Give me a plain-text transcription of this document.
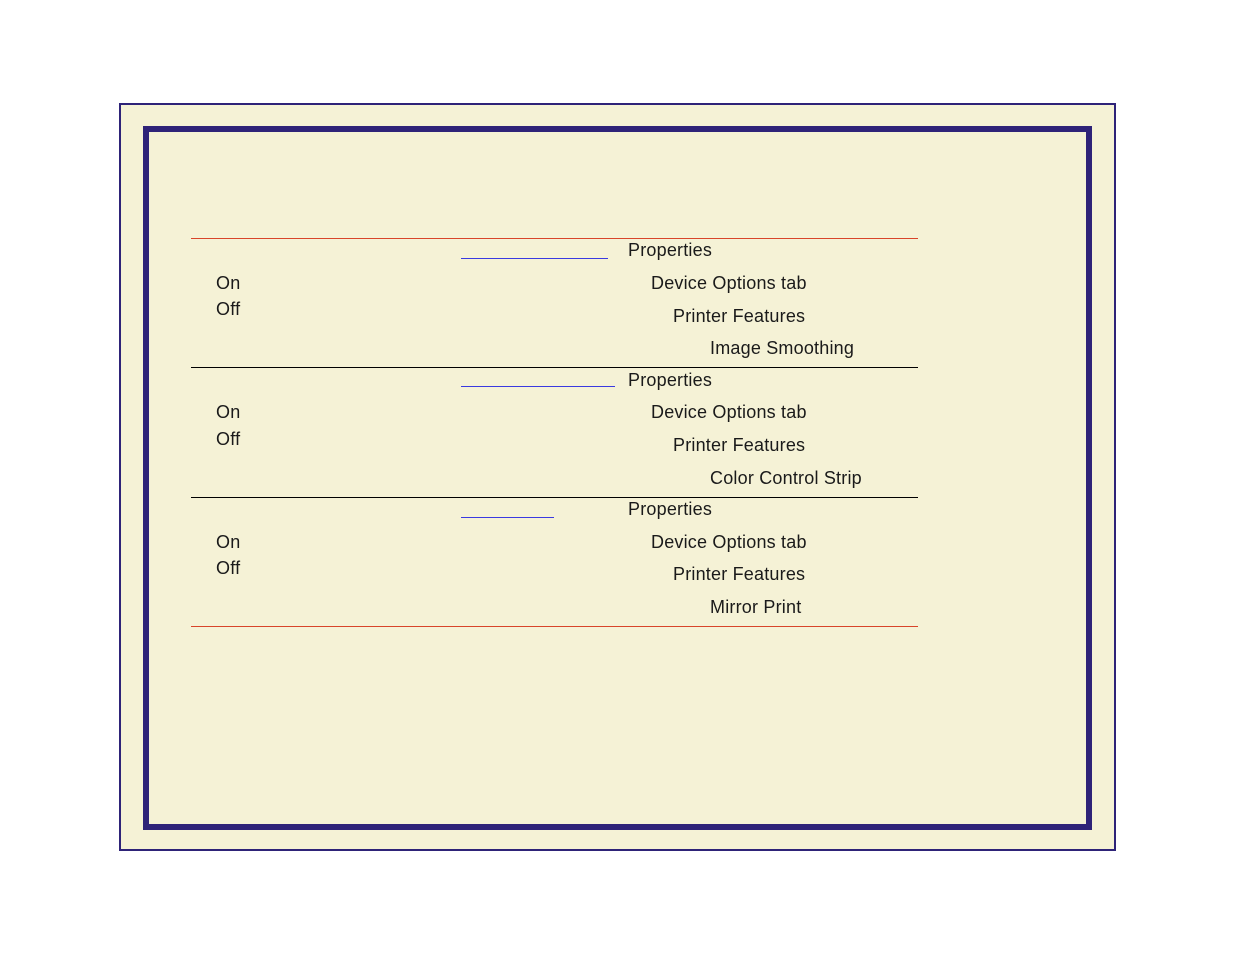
On
Off
Properties
Device Options tab
Printer Features
Image Smoothing
On
Off
Properties
Device Options tab
Printer Features
Color Control Strip
On
Off
Properties
Device Options tab
Printer Features
Mirror Print
